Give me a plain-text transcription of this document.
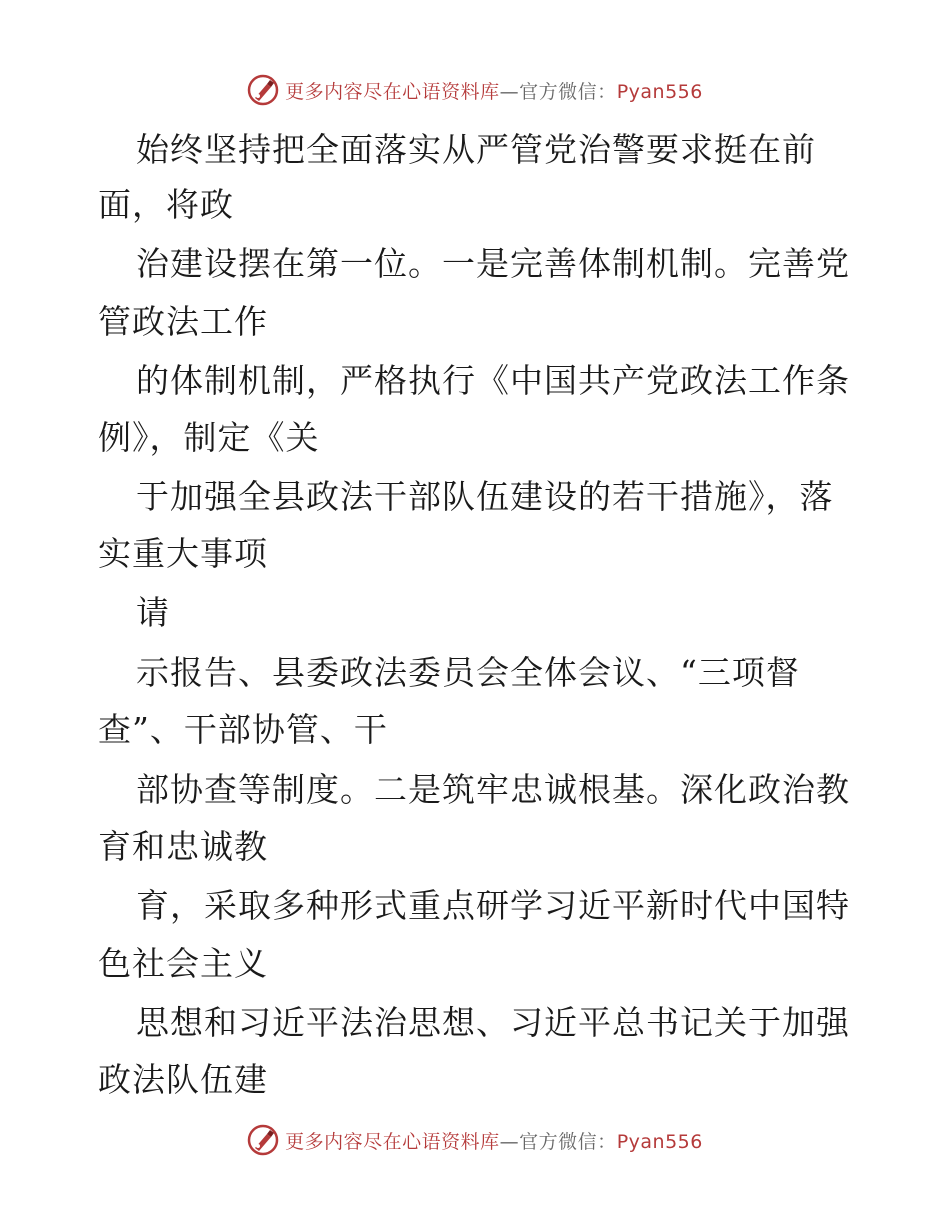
更多内容尽在心语资料库—官方微信：Pyan556
始终坚持把全面落实从严管党治警要求挺在前
面，将政
治建设摆在第一位。一是完善体制机制。完善党
管政法工作
的体制机制，严格执行《中国共产党政法工作条
例》，制定《关
于加强全县政法干部队伍建设的若干措施》，落
实重大事项
请
示报告、县委政法委员会全体会议、“三项督
查”、干部协管、干
部协查等制度。二是筑牢忠诚根基。深化政治教
育和忠诚教
育，采取多种形式重点研学习近平新时代中国特
色社会主义
思想和习近平法治思想、习近平总书记关于加强
政法队伍建
更多内容尽在心语资料库—官方微信：Pyan556
